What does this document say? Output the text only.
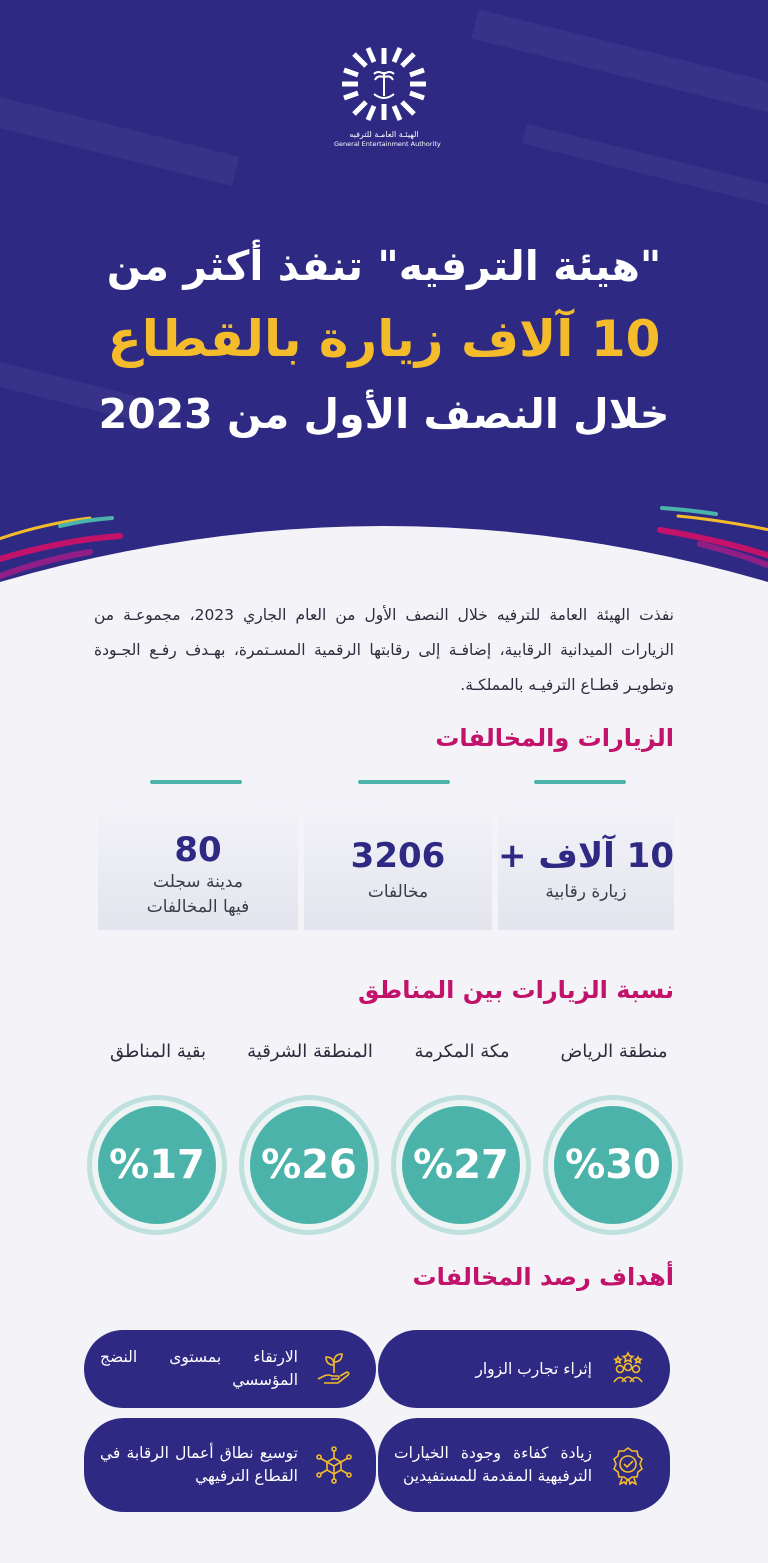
الهيئـة العامـة للترفيه
General Entertainment Authority
"هيئة الترفيه" تنفذ أكثر من
10 آلاف زيارة بالقطاع
خلال النصف الأول من 2023

نفذت الهيئة العامة للترفيه خلال النصف الأول من العام الجاري 2023، مجموعـة من الزيارات الميدانية الرقابية، إضافـة إلى رقابتها الرقمية المسـتمرة، بهـدف رفـع الجـودة وتطويـر قطـاع الترفيـه بالمملكـة.

الزيارات والمخالفات
10 آلاف +
زيارة رقابية
3206
مخالفات
80
مدينة سجلت فيها المخالفات
نسبة الزيارات بين المناطق
منطقة الرياض
مكة المكرمة
المنطقة الشرقية
بقية المناطق
%30
%27
%26
%17
أهداف رصد المخالفات
إثراء تجارب الزوار
الارتقاء بمستوى النضج المؤسسي
زيادة كفاءة وجودة الخيارات الترفيهية المقدمة للمستفيدين
توسيع نطاق أعمال الرقابة في القطاع الترفيهي
